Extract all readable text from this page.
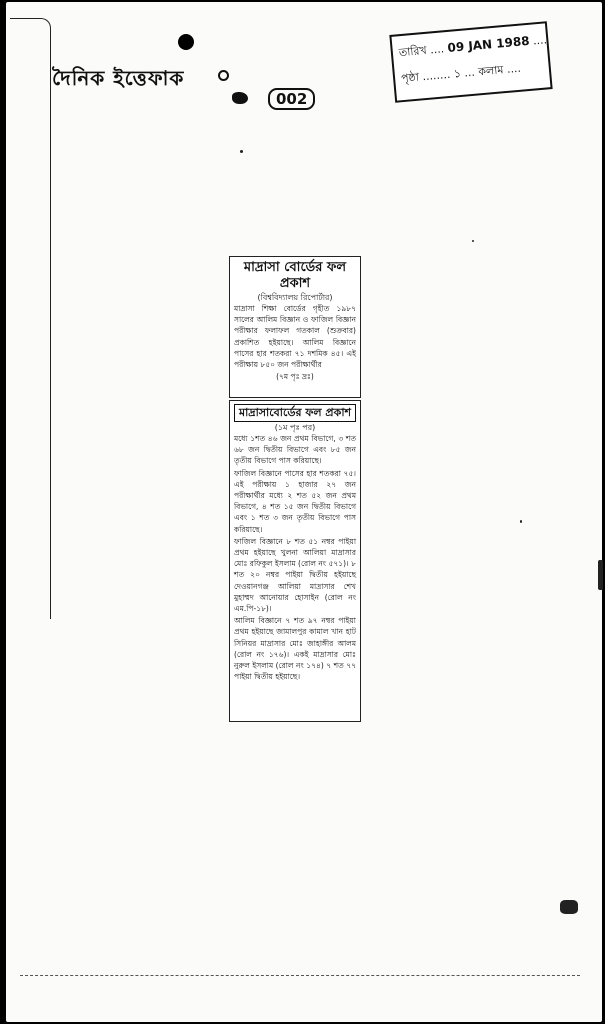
দৈনিক ইত্তেফাক
002
তারিখ .... 09 JAN 1988 ....
পৃষ্ঠা ........ ১ ... কলাম ....
মাদ্রাসা বোর্ডের ফল প্রকাশ
(বিশ্ববিদ্যালয় রিপোর্টার)

মাদ্রাসা শিক্ষা বোর্ডের গৃহীত ১৯৮৭ সালের আলিম বিজ্ঞান ও ফাজিল বিজ্ঞান পরীক্ষার ফলাফল গতকাল (শুক্রবার) প্রকাশিত হইয়াছে। আলিম বিজ্ঞানে পাসের হার শতকরা ৭১ দশমিক ৪৫। এই পরীক্ষায় ৮৫০ জন পরীক্ষার্থীর

(৭ম পৃঃ দ্রঃ)

মাদ্রাসাবোর্ডের ফল প্রকাশ
(১ম পৃঃ পর)

মধ্যে ১শত ৪৬ জন প্রথম বিভাগে, ৩ শত ৬৮ জন দ্বিতীয় বিভাগে এবং ৮৫ জন তৃতীয় বিভাগে পাস করিয়াছে।

ফাজিল বিজ্ঞানে পাসের হার শতকরা ৭৫। এই পরীক্ষায় ১ হাজার ২৭ জন পরীক্ষার্থীর মধ্যে ২ শত ৫২ জন প্রথম বিভাগে, ৪ শত ১৫ জন দ্বিতীয় বিভাগে এবং ১ শত ৩ জন তৃতীয় বিভাগে পাস করিয়াছে।

ফাজিল বিজ্ঞানে ৮ শত ৫১ নম্বর পাইয়া প্রথম হইয়াছে খুলনা আলিয়া মাদ্রাসার মোঃ রফিকুল ইসলাম (রোল নং ৫৭১)। ৮ শত ২০ নম্বর পাইয়া দ্বিতীয় হইয়াছে দেওয়ানগঞ্জ আলিয়া মাদ্রাসার শেখ মুহাম্মদ আনোয়ার হোসাইন (রোল নং এম.পি-১৮)।

আলিম বিজ্ঞানে ৭ শত ৯৭ নম্বর পাইয়া প্রথম হইয়াছে জামালপুর কামাল খান হাট সিনিয়র মাদ্রাসার মোঃ জাহাঙ্গীর আলম (রোল নং ১৭৬)। একই মাদ্রাসার মোঃ নুরুল ইসলাম (রোল নং ১৭৪) ৭ শত ৭৭ পাইয়া দ্বিতীয় হইয়াছে।
